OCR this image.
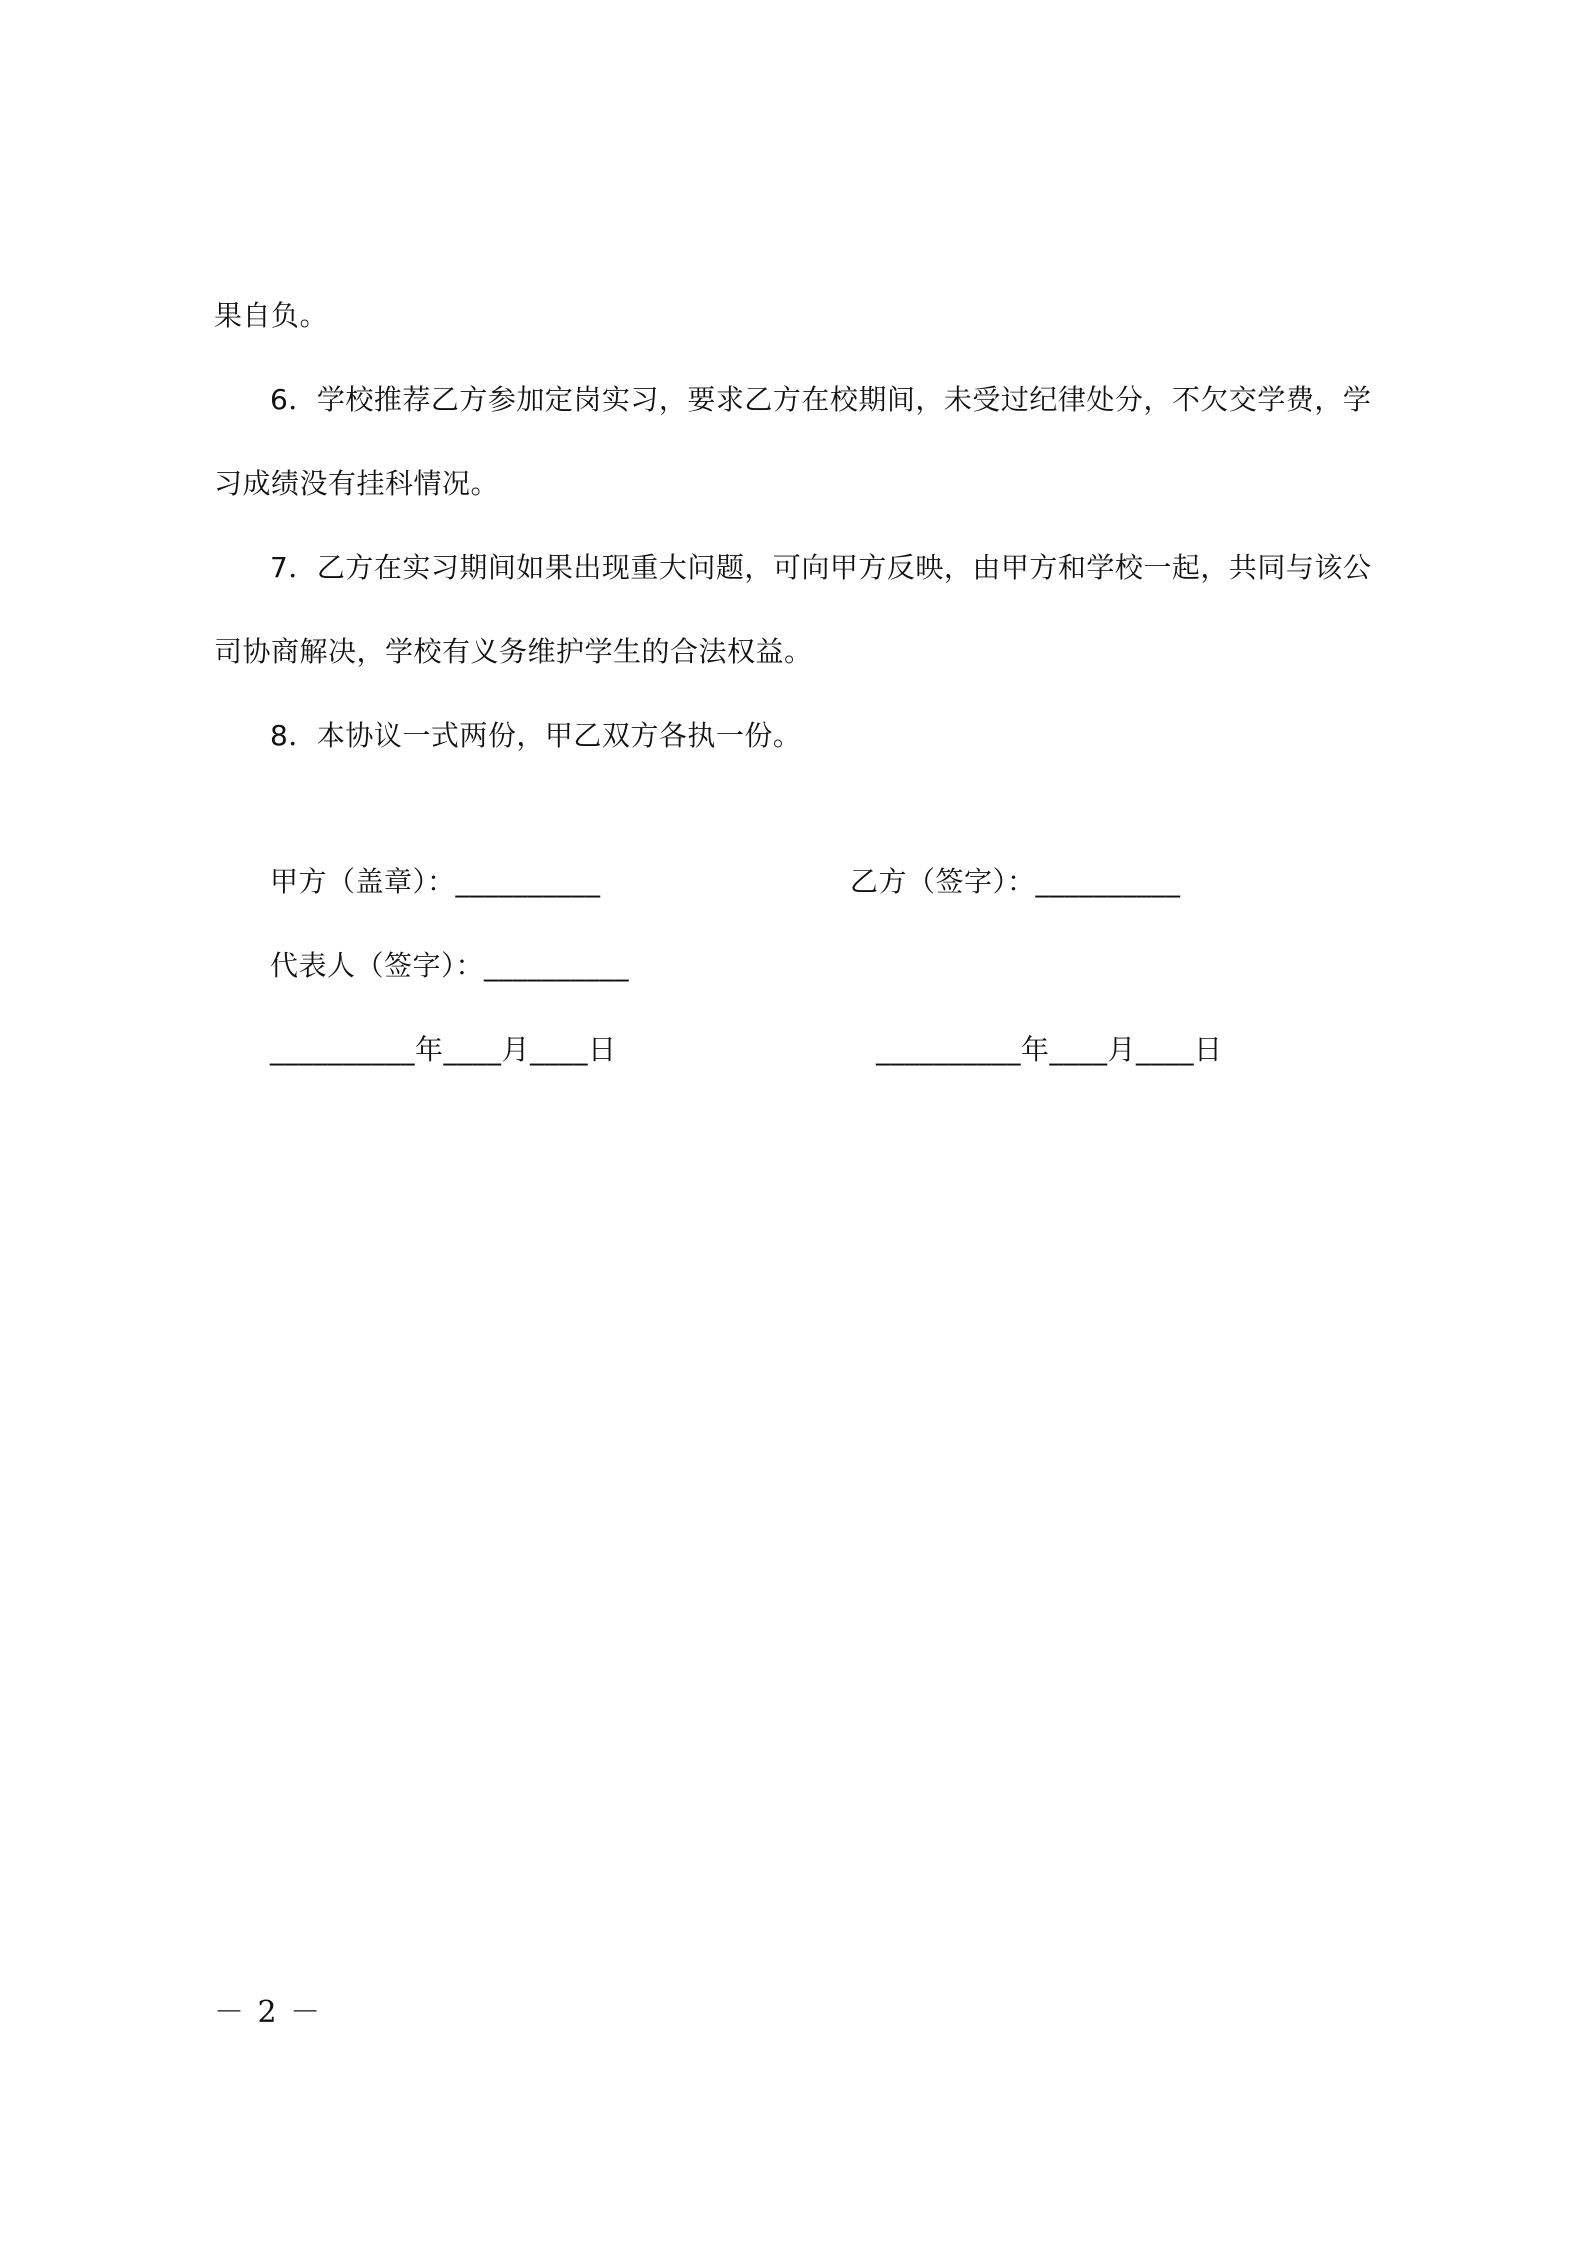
果自负。
6．学校推荐乙方参加定岗实习，要求乙方在校期间，未受过纪律处分，不欠交学费，学
习成绩没有挂科情况。
7．乙方在实习期间如果出现重大问题，可向甲方反映，由甲方和学校一起，共同与该公
司协商解决，学校有义务维护学生的合法权益。
8．本协议一式两份，甲乙双方各执一份。
甲方（盖章）：__________	乙方（签字）：__________
代表人（签字）：__________
__________年____月____日	__________年____月____日
－ 2 －
